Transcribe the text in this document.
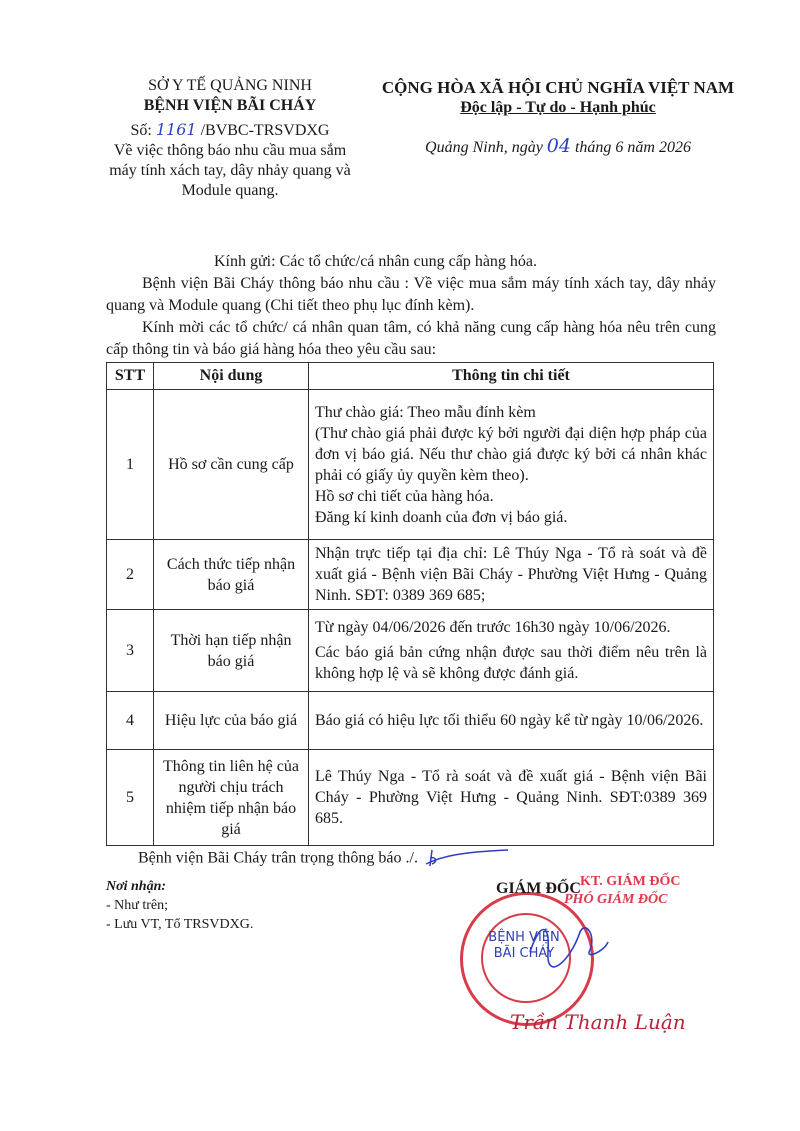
SỞ Y TẾ QUẢNG NINH
BỆNH VIỆN BÃI CHÁY
Số: 1161 /BVBC-TRSVDXG
Về việc thông báo nhu cầu mua sắm máy tính xách tay, dây nhảy quang và Module quang.
CỘNG HÒA XÃ HỘI CHỦ NGHĨA VIỆT NAM
Độc lập - Tự do - Hạnh phúc
Quảng Ninh, ngày 04 tháng 6 năm 2026
Kính gửi: Các tổ chức/cá nhân cung cấp hàng hóa.
Bệnh viện Bãi Cháy thông báo nhu cầu : Về việc mua sắm máy tính xách tay, dây nhảy quang và Module quang (Chi tiết theo phụ lục đính kèm).
Kính mời các tổ chức/ cá nhân quan tâm, có khả năng cung cấp hàng hóa nêu trên cung cấp thông tin và báo giá hàng hóa theo yêu cầu sau:
STT	Nội dung	Thông tin chi tiết
1	Hồ sơ cần cung cấp	Thư chào giá: Theo mẫu đính kèm
(Thư chào giá phải được ký bởi người đại diện hợp pháp của đơn vị báo giá. Nếu thư chào giá được ký bởi cá nhân khác phải có giấy ủy quyền kèm theo).
Hồ sơ chi tiết của hàng hóa.
Đăng kí kinh doanh của đơn vị báo giá.

2	Cách thức tiếp nhận báo giá	Nhận trực tiếp tại địa chỉ: Lê Thúy Nga - Tổ rà soát và đề xuất giá - Bệnh viện Bãi Cháy - Phường Việt Hưng - Quảng Ninh. SĐT: 0389 369 685;

3	Thời hạn tiếp nhận báo giá	Từ ngày 04/06/2026 đến trước 16h30 ngày 10/06/2026.
Các báo giá bản cứng nhận được sau thời điểm nêu trên là không hợp lệ và sẽ không được đánh giá.

4	Hiệu lực của báo giá	Báo giá có hiệu lực tối thiểu 60 ngày kể từ ngày 10/06/2026.

5	Thông tin liên hệ của người chịu trách nhiệm tiếp nhận báo giá	Lê Thúy Nga - Tổ rà soát và đề xuất giá - Bệnh viện Bãi Cháy - Phường Việt Hưng - Quảng Ninh. SĐT:0389 369 685.
Bệnh viện Bãi Cháy trân trọng thông báo ./.
Nơi nhận:
- Như trên;
- Lưu VT, Tổ TRSVDXG.
BỆNH VIỆN
BÃI CHÁY
GIÁM ĐỐC KT. GIÁM ĐỐC
PHÓ GIÁM ĐỐC
Trần Thanh Luận
